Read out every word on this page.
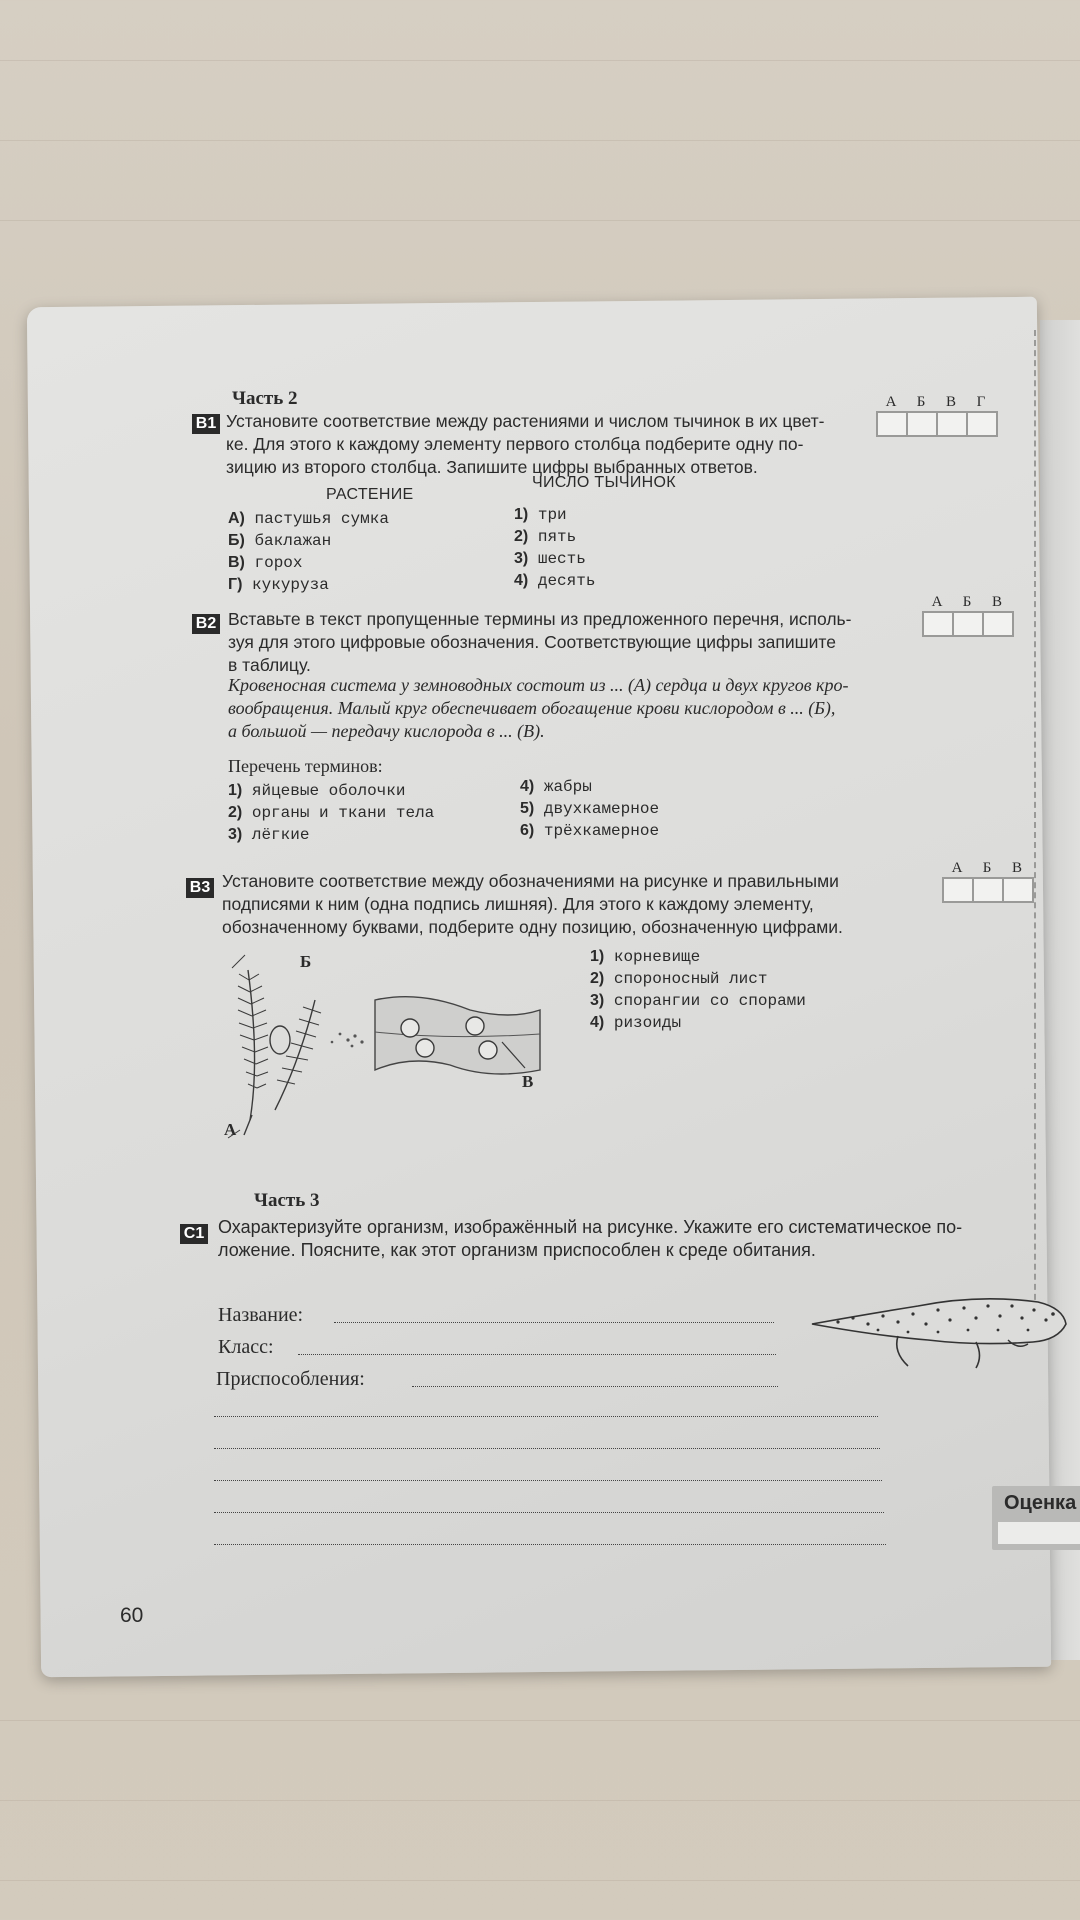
Часть 2
B1 Установите соответствие между растениями и числом тычинок в их цвет-
ке. Для этого к каждому элементу первого столбца подберите одну по-
зицию из второго столбца. Запишите цифры выбранных ответов.
А	Б	В	Г
РАСТЕНИЕ
ЧИСЛО ТЫЧИНОК
А) пастушья сумка
Б) баклажан
В) горох
Г) кукуруза
1) три
2) пять
3) шесть
4) десять
B2 Вставьте в текст пропущенные термины из предложенного перечня, исполь-
зуя для этого цифровые обозначения. Соответствующие цифры запишите
в таблицу.
А	Б	В
Кровеносная система у земноводных состоит из ... (А) сердца и двух кругов кро-
вообращения. Малый круг обеспечивает обогащение крови кислородом в ... (Б),
а большой — передачу кислорода в ... (В).
Перечень терминов:
1) яйцевые оболочки
2) органы и ткани тела
3) лёгкие
4) жабры
5) двухкамерное
6) трёхкамерное
B3 Установите соответствие между обозначениями на рисунке и правильными
подписями к ним (одна подпись лишняя). Для этого к каждому элементу,
обозначенному буквами, подберите одну позицию, обозначенную цифрами.
А	Б	В
Б
А
В
1) корневище
2) спороносный лист
3) спорангии со спорами
4) ризоиды
Часть 3
C1 Охарактеризуйте организм, изображённый на рисунке. Укажите его систематическое по-
ложение. Поясните, как этот организм приспособлен к среде обитания.
Название:
Класс:
Приспособления:
Оценка
60
